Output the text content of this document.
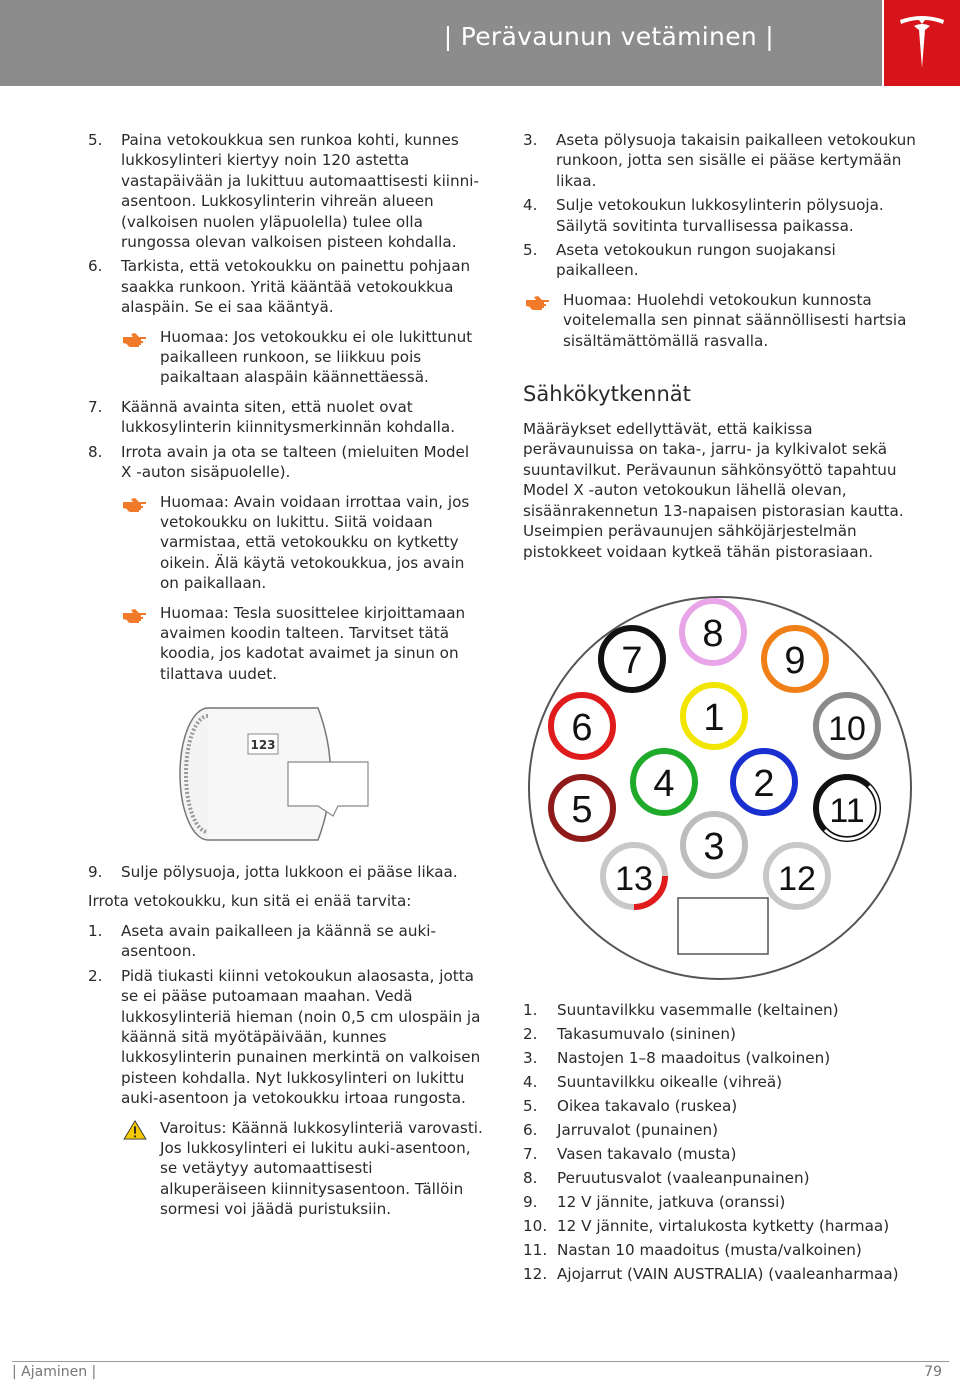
| Perävaunun vetäminen |
5. Paina vetokoukkua sen runkoa kohti, kunnes lukkosylinteri kiertyy noin 120 astetta vastapäivään ja lukittuu automaattisesti kiinni-asentoon. Lukkosylinterin vihreän alueen (valkoisen nuolen yläpuolella) tulee olla rungossa olevan valkoisen pisteen kohdalla.
6. Tarkista, että vetokoukku on painettu pohjaan saakka runkoon. Yritä kääntää vetokoukkua alaspäin. Se ei saa kääntyä.
Huomaa: Jos vetokoukku ei ole lukittunut paikalleen runkoon, se liikkuu pois paikaltaan alaspäin käännettäessä.
7. Käännä avainta siten, että nuolet ovat lukkosylinterin kiinnitysmerkinnän kohdalla.
8. Irrota avain ja ota se talteen (mieluiten Model X -auton sisäpuolelle).
Huomaa: Avain voidaan irrottaa vain, jos vetokoukku on lukittu. Siitä voidaan varmistaa, että vetokoukku on kytketty oikein. Älä käytä vetokoukkua, jos avain on paikallaan.
Huomaa: Tesla suosittelee kirjoittamaan avaimen koodin talteen. Tarvitset tätä koodia, jos kadotat avaimet ja sinun on tilattava uudet.
123
9. Sulje pölysuoja, jotta lukkoon ei pääse likaa.
Irrota vetokoukku, kun sitä ei enää tarvita:
1. Aseta avain paikalleen ja käännä se auki-asentoon.
2. Pidä tiukasti kiinni vetokoukun alaosasta, jotta se ei pääse putoamaan maahan. Vedä lukkosylinteriä hieman (noin 0,5 cm ulospäin ja käännä sitä myötäpäivään, kunnes lukkosylinterin punainen merkintä on valkoisen pisteen kohdalla. Nyt lukkosylinteri on lukittu auki-asentoon ja vetokoukku irtoaa rungosta.
Varoitus: Käännä lukkosylinteriä varovasti. Jos lukkosylinteri ei lukitu auki-asentoon, se vetäytyy automaattisesti alkuperäiseen kiinnitysasentoon. Tällöin sormesi voi jäädä puristuksiin.
3. Aseta pölysuoja takaisin paikalleen vetokoukun runkoon, jotta sen sisälle ei pääse kertymään likaa.
4. Sulje vetokoukun lukkosylinterin pölysuoja. Säilytä sovitinta turvallisessa paikassa.
5. Aseta vetokoukun rungon suojakansi paikalleen.
Huomaa: Huolehdi vetokoukun kunnosta voitelemalla sen pinnat säännöllisesti hartsia sisältämättömällä rasvalla.
Sähkökytkennät
Määräykset edellyttävät, että kaikissa perävaunuissa on taka-, jarru- ja kylkivalot sekä suuntavilkut. Perävaunun sähkönsyöttö tapahtuu Model X -auton vetokoukun lähellä olevan, sisäänrakennetun 13-napaisen pistorasian kautta. Useimpien perävaunujen sähköjärjestelmän pistokkeet voidaan kytkeä tähän pistorasiaan.
1
2
3
4
5
6
7
8
9
10
11
12
13
1. Suuntavilkku vasemmalle (keltainen)
2. Takasumuvalo (sininen)
3. Nastojen 1–8 maadoitus (valkoinen)
4. Suuntavilkku oikealle (vihreä)
5. Oikea takavalo (ruskea)
6. Jarruvalot (punainen)
7. Vasen takavalo (musta)
8. Peruutusvalot (vaaleanpunainen)
9. 12 V jännite, jatkuva (oranssi)
10. 12 V jännite, virtalukosta kytketty (harmaa)
11. Nastan 10 maadoitus (musta/valkoinen)
12. Ajojarrut (VAIN AUSTRALIA) (vaaleanharmaa)
| Ajaminen |	79
